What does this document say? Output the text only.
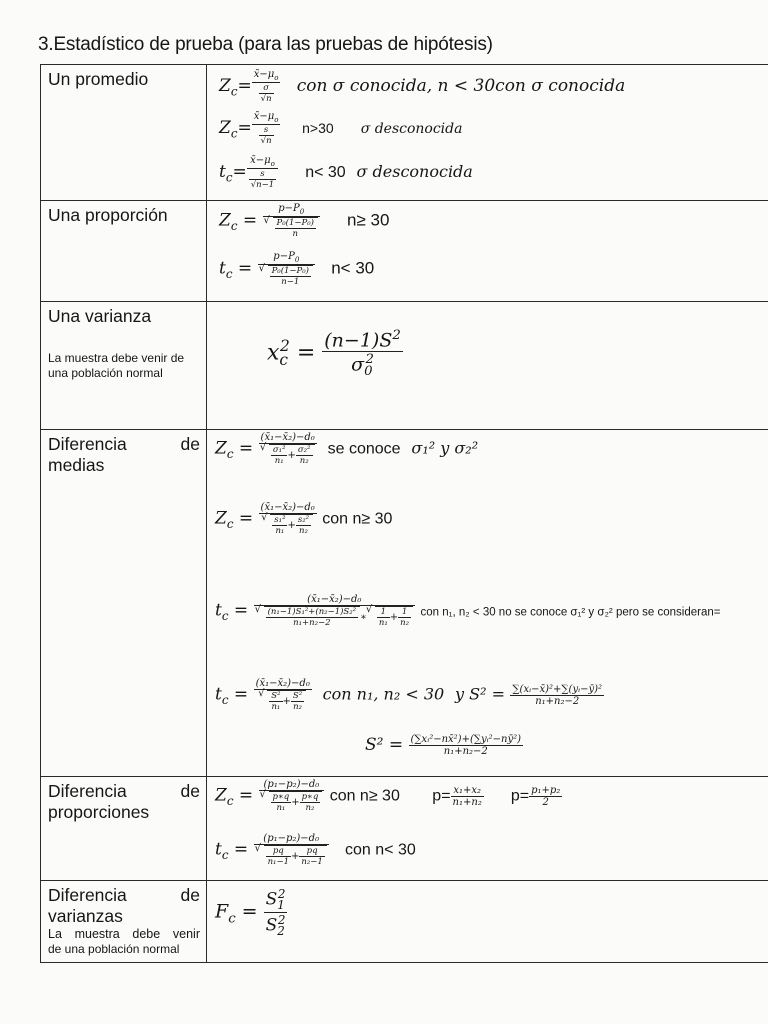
3.Estadístico de prueba (para las pruebas de hipótesis)
Un promedio	$Z_c= \frac{x̄-\mu_o}{\frac{\sigma}{√n}}$ con σ conocida, n < 30con σ conocida
$Z_c= \frac{x̄-\mu_o}{\frac{s}{√n}} n>30$ σ desconocida
$t_c= \frac{x̄-\mu_o}{\frac{s}{√n-1}} n< 30$ σ desconocida

Una proporción	$Z_c = p-P_0$
√ $\frac{\text{P₀(1−P₀)}}{n} n\ge 30$
$t_c = p-P_0$
√ $\frac{\text{P₀(1−P₀)}}{n-1} n< 30$

Una varianza
La muestra debe venir de una población normal

$x_c^2 = \frac{(n-1)S^2}{\sigma_0^2}$

Diferencia	de
medias

$Z_c$ = (x̄₁−x̄₂)−d₀
√ $\frac{\text{σ₁²}}{\text{n₁}} + \frac{\text{σ₂²}}{\text{n₂}}$ se conoce σ₁² y σ₂²
$Z_c$ = (x̄₁−x̄₂)−d₀
√ $\frac{\text{s₁²}}{\text{n₁}} + \frac{\text{s₂²}}{\text{n₂}}$ con n≥ 30
$t_c$ = (x̄₁−x̄₂)−d₀
√ $\frac{\text{(n₁−1)S₁²+(n₂−1)S₂²}}{\text{n₁+n₂−2}}$ ∗
√ $\frac{1}{\text{n₁}} + \frac{1}{\text{n₂}}$ con n₁, n₂ < 30 no se conoce σ₁² y σ₂² pero se consideran=
$t_c$ = (x̄₁−x̄₂)−d₀
√ $\frac{\text{S²}}{\text{n₁}} + \frac{\text{S²}}{\text{n₂}}$ con n₁, n₂ < 30 y $S^2 = \frac{\text{∑(xᵢ−x̄)²+∑(yᵢ−ȳ)²}}{\text{n₁+n₂−2}}$
$S^2 = \frac{\text{(∑xᵢ²−nx̄²)+(∑yᵢ²−nȳ²)}}{\text{n₁+n₂−2}}$

Diferencia	de
proporciones

$Z_c = (p_1-p_2)-d_0$
√ $\frac{p∗q}{\text{n₁}} + \frac{p∗q}{\text{n₂}}$ con n≥ 30 $p= \frac{\text{x₁+x₂}}{\text{n₁+n₂}} p= \frac{\text{p₁+p₂}}{2}$
$t_c = (p_1-p_2)-d_0$
√ $\frac{pq}{\text{n₁−1}} + \frac{pq}{\text{n₂−1}}$ con n< 30

Diferencia	de
varianzas
La muestra debe venir
de una población normal

$F_c = \frac{S_1^2}{S_2^2}$
